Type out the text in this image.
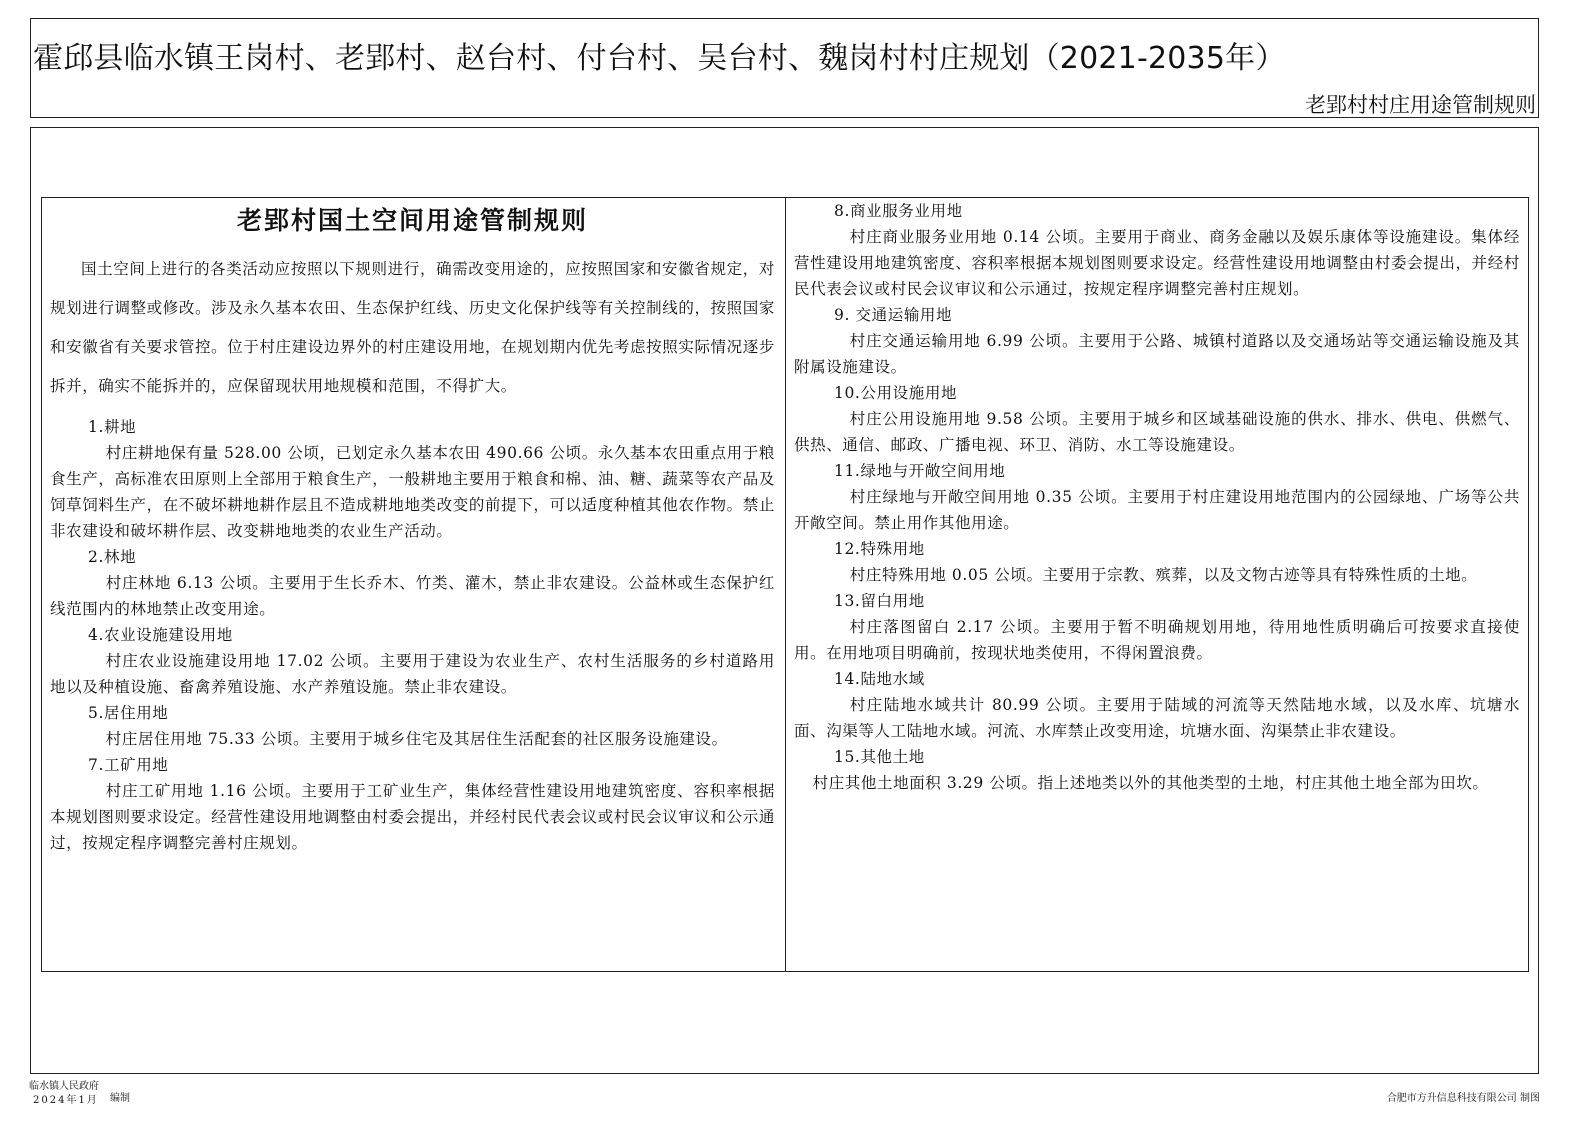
霍邱县临水镇王岗村、老郢村、赵台村、付台村、吴台村、魏岗村村庄规划（2021-2035年）
老郢村村庄用途管制规则
老郢村国土空间用途管制规则

国土空间上进行的各类活动应按照以下规则进行，确需改变用途的，应按照国家和安徽省规定，对规划进行调整或修改。涉及永久基本农田、生态保护红线、历史文化保护线等有关控制线的，按照国家和安徽省有关要求管控。位于村庄建设边界外的村庄建设用地，在规划期内优先考虑按照实际情况逐步拆并，确实不能拆并的，应保留现状用地规模和范围，不得扩大。

1.耕地

村庄耕地保有量 528.00 公顷，已划定永久基本农田 490.66 公顷。永久基本农田重点用于粮食生产，高标准农田原则上全部用于粮食生产，一般耕地主要用于粮食和棉、油、糖、蔬菜等农产品及饲草饲料生产，在不破坏耕地耕作层且不造成耕地地类改变的前提下，可以适度种植其他农作物。禁止非农建设和破坏耕作层、改变耕地地类的农业生产活动。

2.林地

村庄林地 6.13 公顷。主要用于生长乔木、竹类、灌木，禁止非农建设。公益林或生态保护红线范围内的林地禁止改变用途。

4.农业设施建设用地

村庄农业设施建设用地 17.02 公顷。主要用于建设为农业生产、农村生活服务的乡村道路用地以及种植设施、畜禽养殖设施、水产养殖设施。禁止非农建设。

5.居住用地

村庄居住用地 75.33 公顷。主要用于城乡住宅及其居住生活配套的社区服务设施建设。

7.工矿用地

村庄工矿用地 1.16 公顷。主要用于工矿业生产，集体经营性建设用地建筑密度、容积率根据本规划图则要求设定。经营性建设用地调整由村委会提出，并经村民代表会议或村民会议审议和公示通过，按规定程序调整完善村庄规划。

8.商业服务业用地

村庄商业服务业用地 0.14 公顷。主要用于商业、商务金融以及娱乐康体等设施建设。集体经营性建设用地建筑密度、容积率根据本规划图则要求设定。经营性建设用地调整由村委会提出，并经村民代表会议或村民会议审议和公示通过，按规定程序调整完善村庄规划。

9. 交通运输用地

村庄交通运输用地 6.99 公顷。主要用于公路、城镇村道路以及交通场站等交通运输设施及其附属设施建设。

10.公用设施用地

村庄公用设施用地 9.58 公顷。主要用于城乡和区域基础设施的供水、排水、供电、供燃气、供热、通信、邮政、广播电视、环卫、消防、水工等设施建设。

11.绿地与开敞空间用地

村庄绿地与开敞空间用地 0.35 公顷。主要用于村庄建设用地范围内的公园绿地、广场等公共开敞空间。禁止用作其他用途。

12.特殊用地

村庄特殊用地 0.05 公顷。主要用于宗教、殡葬，以及文物古迹等具有特殊性质的土地。

13.留白用地

村庄落图留白 2.17 公顷。主要用于暂不明确规划用地，待用地性质明确后可按要求直接使用。在用地项目明确前，按现状地类使用，不得闲置浪费。

14.陆地水域

村庄陆地水域共计 80.99 公顷。主要用于陆域的河流等天然陆地水域，以及水库、坑塘水面、沟渠等人工陆地水域。河流、水库禁止改变用途，坑塘水面、沟渠禁止非农建设。

15.其他土地

村庄其他土地面积 3.29 公顷。指上述地类以外的其他类型的土地，村庄其他土地全部为田坎。

临水镇人民政府
2024年1月 编制	合肥市方升信息科技有限公司 制图
